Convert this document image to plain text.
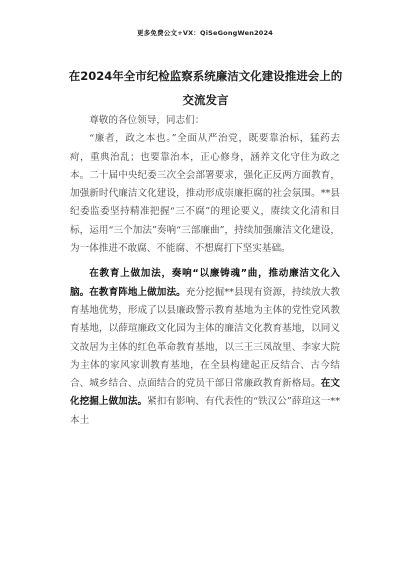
更多免费公文+VX：QiSeGongWen2024
在2024年全市纪检监察系统廉洁文化建设推进会上的交流发言

尊敬的各位领导，同志们：

“廉者，政之本也。”全面从严治党，既要靠治标，猛药去疴，重典治乱；也要靠治本，正心修身，涵养文化守住为政之本。二十届中央纪委三次全会部署要求，强化正反两方面教育，加强新时代廉洁文化建设，推动形成崇廉拒腐的社会氛围。**县纪委监委坚持精准把握“三不腐”的理论要义，赓续文化清和目标，运用“三个加法”奏响“三部廉曲”，持续加强廉洁文化建设，为一体推进不敢腐、不能腐、不想腐打下坚实基础。

在教育上做加法，奏响“以廉铸魂”曲，推动廉洁文化入脑。在教育阵地上做加法。充分挖掘**县现有资源，持续放大教育基地优势，形成了以县廉政警示教育基地为主体的党性党风教育基地，以薛瑄廉政文化园为主体的廉洁文化教育基地，以同义文故居为主体的红色革命教育基地，以三王三凤故里、李家大院为主体的家风家训教育基地，在全县构建起正反结合、古今结合、城乡结合、点面结合的党员干部日常廉政教育新格局。在文化挖掘上做加法。紧扣有影响、有代表性的“铁汉公”薛瑄这一**本土
